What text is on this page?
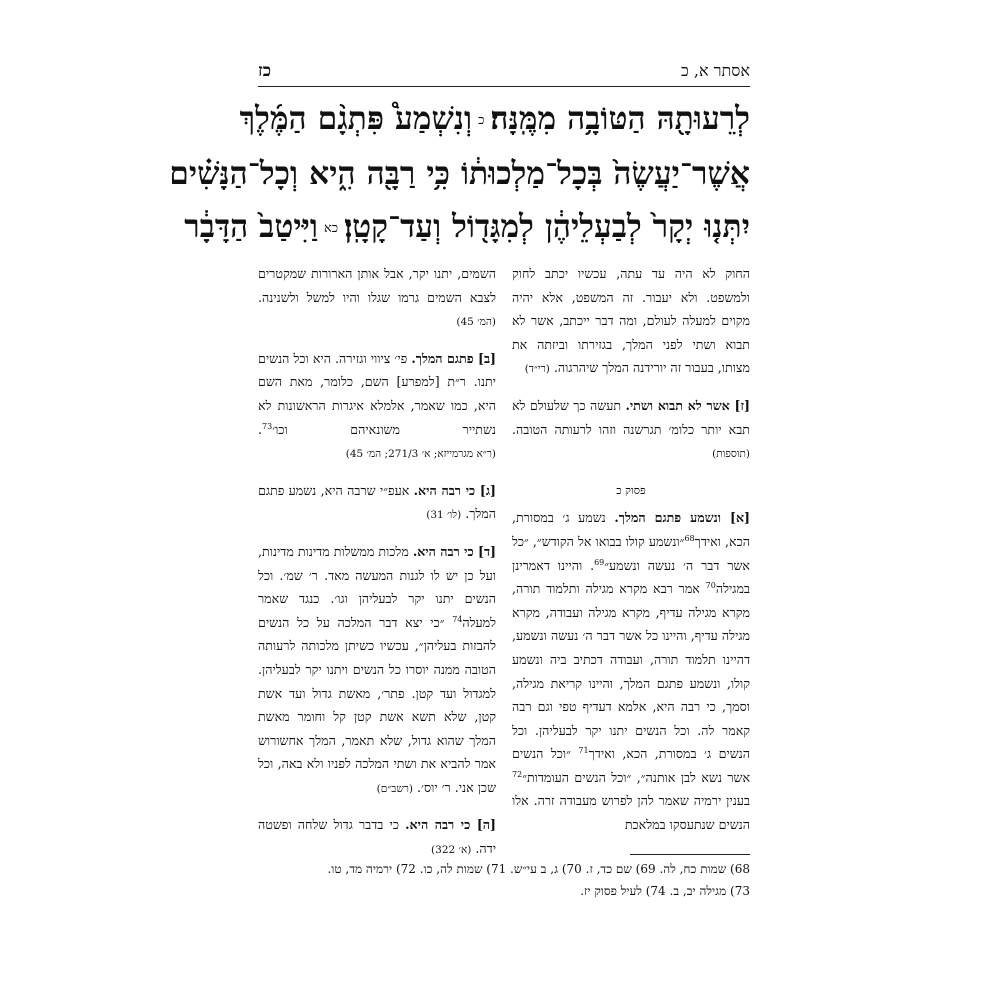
אסתר א, כ
כז
לְרֵעוּתָ֖הּ הַטּוֹבָ֥ה מִמֶּֽנָּה׃כוְנִשְׁמַע֩ פִּתְגָ֨ם הַמֶּ֜לֶךְ
אֲשֶׁר־יַעֲשֶׂה֙ בְּכָל־מַלְכוּת֔וֹ כִּ֥י רַבָּ֖ה הִ֑יא וְכָל־הַנָּשִׁ֗ים
יִתְּנ֤וּ יְקָר֙ לְבַעְלֵיהֶ֔ן לְמִגָּד֖וֹל וְעַד־קָטָֽן׃כאוַיִּיטַב֙ הַדָּבָ֔ר

החוק לא היה עד עתה, עכשיו יכתב לחוק ולמשפט. ולא יעבור. זה המשפט, אלא יהיה מקוים למעלה לעולם, ומה דבר ייכתב, אשר לא תבוא ושתי לפני המלך, בגזירתו וביזתה את מצותו, בעבור זה יורידנה המלך שיהרגוה. (רי״ד)

[ז] אשר לא תבוא ושתי. תעשה כך שלעולם לא תבא יותר כלומ׳ תגרשנה וזהו לרעותה הטובה. (תוספות)

פסוק כ

[א] ונשמע פתגם המלך. נשמע ג׳ במסורת, הכא, ואידך$^{68}$״ונשמע קולו בבואו אל הקודש״, ״כל אשר דבר ה׳ נעשה ונשמע״$^{69}$. והיינו דאמרינן במגילה$^{70}$ אמר רבא מקרא מגילה ותלמוד תורה, מקרא מגילה עדיף, מקרא מגילה ועבודה, מקרא מגילה עדיף, והיינו כל אשר דבר ה׳ נעשה ונשמע, דהיינו תלמוד תורה, ועבודה דכתיב ביה ונשמע קולו, ונשמע פתגם המלך, והיינו קריאת מגילה, וסמך, כי רבה היא, אלמא דעדיף טפי וגם רבה קאמר לה. וכל הנשים יתנו יקר לבעליהן. וכל הנשים ג׳ במסורת, הכא, ואידך$^{71}$ ״וכל הנשים אשר נשא לבן אותנה״, ״וכל הנשים העומדות״$^{72}$ בענין ירמיה שאמר להן לפרוש מעבודה זרה. אלו הנשים שנתעסקו במלאכת

השמים, יתנו יקר, אבל אותן הארורות שמקטרים לצבא השמים גרמו שגלו והיו למשל ולשנינה. (המ׳ 45)

[ב] פתגם המלך. פי׳ ציווי וגזירה. היא וכל הנשים יתנו. ר״ת [למפרע] השם, כלומר, מאת השם היא, כמו שאמר, אלמלא איגרות הראשונות לא נשתייר משונאיהם וכו׳$^{73}$. (ר״א מגרמייזא; א׳ 271/3; המ׳ 45)

[ג] כי רבה היא. אעפ״י שרבה היא, נשמע פתגם המלך. (לו׳ 31)

[ד] כי רבה היא. מלכות ממשלות מדינות מדינות, ועל כן יש לו לגנות המעשה מאד. ר׳ שמ׳. וכל הנשים יתנו יקר לבעליהן וגו׳. כנגד שאמר למעלה$^{74}$ ״כי יצא דבר המלכה על כל הנשים להבזות בעליהן״, עכשיו כשיתן מלכותה לרעותה הטובה ממנה יוסרו כל הנשים ויתנו יקר לבעליהן. למגדול ועד קטן. פתר׳, מאשת גדול ועד אשת קטן, שלא תשא אשת קטן קל וחומר מאשת המלך שהוא גדול, שלא תאמר, המלך אחשורוש אמר להביא את ושתי המלכה לפניו ולא באה, וכל שכן אני. ר׳ יוס׳. (רשב״ם)

[ה] כי רבה היא. כי בדבר גדול שלחה ופשטה ידה. (א׳ 322)

68) שמות כח, לה. 69) שם כד, ז. 70) ג, ב עי״ש. 71) שמות לה, כו. 72) ירמיה מד, טו.
73) מגילה יב, ב. 74) לעיל פסוק יז.
